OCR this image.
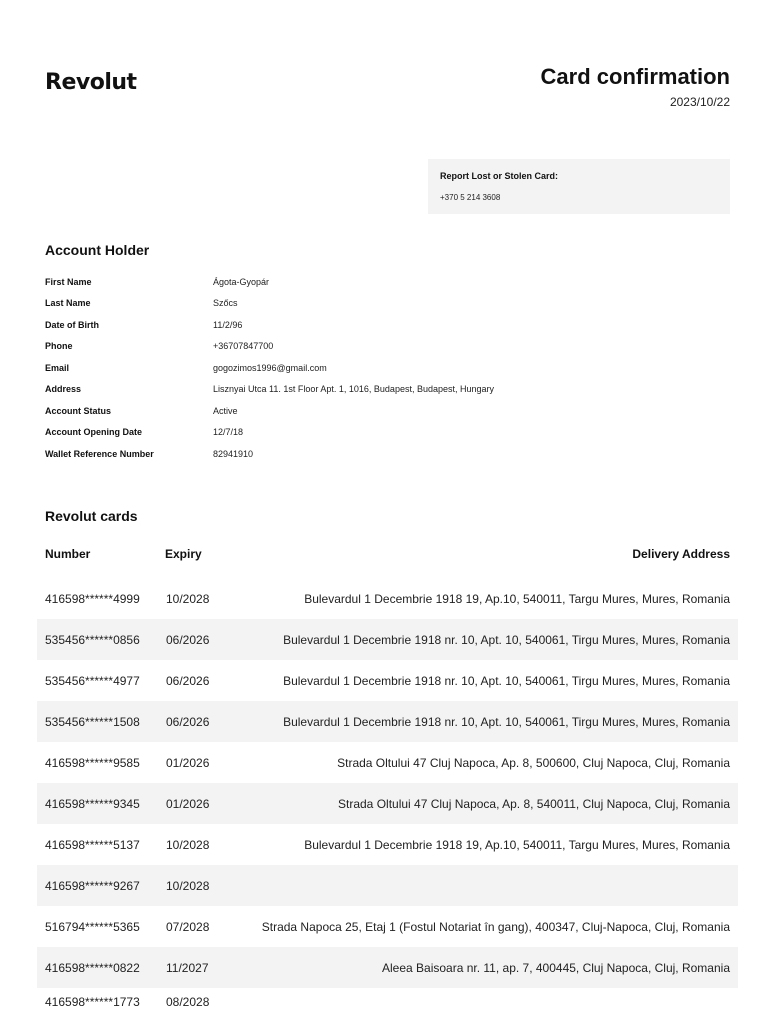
Revolut	Card confirmation
2023/10/22
Report Lost or Stolen Card:
+370 5 214 3608
Account Holder
First Name	Ágota-Gyopár
Last Name	Szőcs
Date of Birth	11/2/96
Phone	+36707847700
Email	gogozimos1996@gmail.com
Address	Lisznyai Utca 11. 1st Floor Apt. 1, 1016, Budapest, Budapest, Hungary
Account Status	Active
Account Opening Date	12/7/18
Wallet Reference Number	82941910
Revolut cards
Number	Expiry	Delivery Address
416598******4999 10/2028	Bulevardul 1 Decembrie 1918 19, Ap.10, 540011, Targu Mures, Mures, Romania
535456******0856 06/2026	Bulevardul 1 Decembrie 1918 nr. 10, Apt. 10, 540061, Tirgu Mures, Mures, Romania
535456******4977 06/2026	Bulevardul 1 Decembrie 1918 nr. 10, Apt. 10, 540061, Tirgu Mures, Mures, Romania
535456******1508 06/2026	Bulevardul 1 Decembrie 1918 nr. 10, Apt. 10, 540061, Tirgu Mures, Mures, Romania
416598******9585 01/2026	Strada Oltului 47 Cluj Napoca, Ap. 8, 500600, Cluj Napoca, Cluj, Romania
416598******9345 01/2026	Strada Oltului 47 Cluj Napoca, Ap. 8, 540011, Cluj Napoca, Cluj, Romania
416598******5137 10/2028	Bulevardul 1 Decembrie 1918 19, Ap.10, 540011, Targu Mures, Mures, Romania
416598******9267 10/2028
516794******5365 07/2028	Strada Napoca 25, Etaj 1 (Fostul Notariat în gang), 400347, Cluj-Napoca, Cluj, Romania
416598******0822 11/2027	Aleea Baisoara nr. 11, ap. 7, 400445, Cluj Napoca, Cluj, Romania
416598******1773 08/2028
